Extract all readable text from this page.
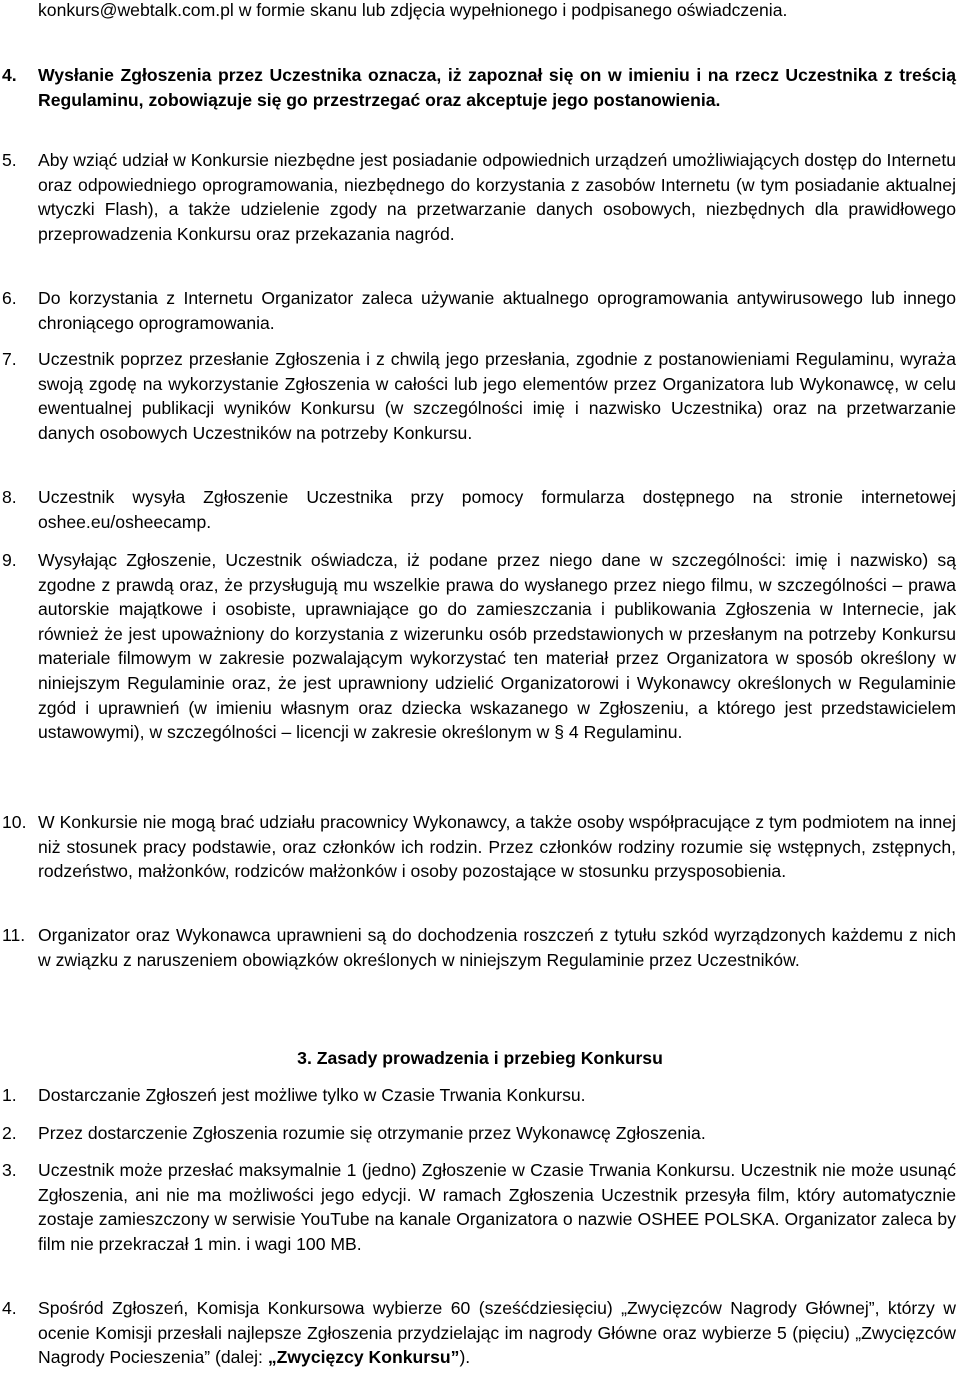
konkurs@webtalk.com.pl w formie skanu lub zdjęcia wypełnionego i podpisanego oświadczenia.

4. Wysłanie Zgłoszenia przez Uczestnika oznacza, iż zapoznał się on w imieniu i na rzecz Uczestnika z treścią Regulaminu, zobowiązuje się go przestrzegać oraz akceptuje jego postanowienia.

5. Aby wziąć udział w Konkursie niezbędne jest posiadanie odpowiednich urządzeń umożliwiających dostęp do Internetu oraz odpowiedniego oprogramowania, niezbędnego do korzystania z zasobów Internetu (w tym posiadanie aktualnej wtyczki Flash), a także udzielenie zgody na przetwarzanie danych osobowych, niezbędnych dla prawidłowego przeprowadzenia Konkursu oraz przekazania nagród.

6. Do korzystania z Internetu Organizator zaleca używanie aktualnego oprogramowania antywirusowego lub innego chroniącego oprogramowania.

7. Uczestnik poprzez przesłanie Zgłoszenia i z chwilą jego przesłania, zgodnie z postanowieniami Regulaminu, wyraża swoją zgodę na wykorzystanie Zgłoszenia w całości lub jego elementów przez Organizatora lub Wykonawcę, w celu ewentualnej publikacji wyników Konkursu (w szczególności imię i nazwisko Uczestnika) oraz na przetwarzanie danych osobowych Uczestników na potrzeby Konkursu.

8. Uczestnik wysyła Zgłoszenie Uczestnika przy pomocy formularza dostępnego na stronie internetowej oshee.eu/osheecamp.

9. Wysyłając Zgłoszenie, Uczestnik oświadcza, iż podane przez niego dane w szczególności: imię i nazwisko) są zgodne z prawdą oraz, że przysługują mu wszelkie prawa do wysłanego przez niego filmu, w szczególności – prawa autorskie majątkowe i osobiste, uprawniające go do zamieszczania i publikowania Zgłoszenia w Internecie, jak również że jest upoważniony do korzystania z wizerunku osób przedstawionych w przesłanym na potrzeby Konkursu materiale filmowym w zakresie pozwalającym wykorzystać ten materiał przez Organizatora w sposób określony w niniejszym Regulaminie oraz, że jest uprawniony udzielić Organizatorowi i Wykonawcy określonych w Regulaminie zgód i uprawnień (w imieniu własnym oraz dziecka wskazanego w Zgłoszeniu, a którego jest przedstawicielem ustawowymi), w szczególności – licencji w zakresie określonym w § 4 Regulaminu.

10. W Konkursie nie mogą brać udziału pracownicy Wykonawcy, a także osoby współpracujące z tym podmiotem na innej niż stosunek pracy podstawie, oraz członków ich rodzin. Przez członków rodziny rozumie się wstępnych, zstępnych, rodzeństwo, małżonków, rodziców małżonków i osoby pozostające w stosunku przysposobienia.

11. Organizator oraz Wykonawca uprawnieni są do dochodzenia roszczeń z tytułu szkód wyrządzonych każdemu z nich w związku z naruszeniem obowiązków określonych w niniejszym Regulaminie przez Uczestników.

3. Zasady prowadzenia i przebieg Konkursu
1. Dostarczanie Zgłoszeń jest możliwe tylko w Czasie Trwania Konkursu.

2. Przez dostarczenie Zgłoszenia rozumie się otrzymanie przez Wykonawcę Zgłoszenia.

3. Uczestnik może przesłać maksymalnie 1 (jedno) Zgłoszenie w Czasie Trwania Konkursu. Uczestnik nie może usunąć Zgłoszenia, ani nie ma możliwości jego edycji. W ramach Zgłoszenia Uczestnik przesyła film, który automatycznie zostaje zamieszczony w serwisie YouTube na kanale Organizatora o nazwie OSHEE POLSKA. Organizator zaleca by film nie przekraczał 1 min. i wagi 100 MB.

4. Spośród Zgłoszeń, Komisja Konkursowa wybierze 60 (sześćdziesięciu) „Zwycięzców Nagrody Głównej”, którzy w ocenie Komisji przesłali najlepsze Zgłoszenia przydzielając im nagrody Główne oraz wybierze 5 (pięciu) „Zwycięzców Nagrody Pocieszenia” (dalej: „Zwycięzcy Konkursu”).
